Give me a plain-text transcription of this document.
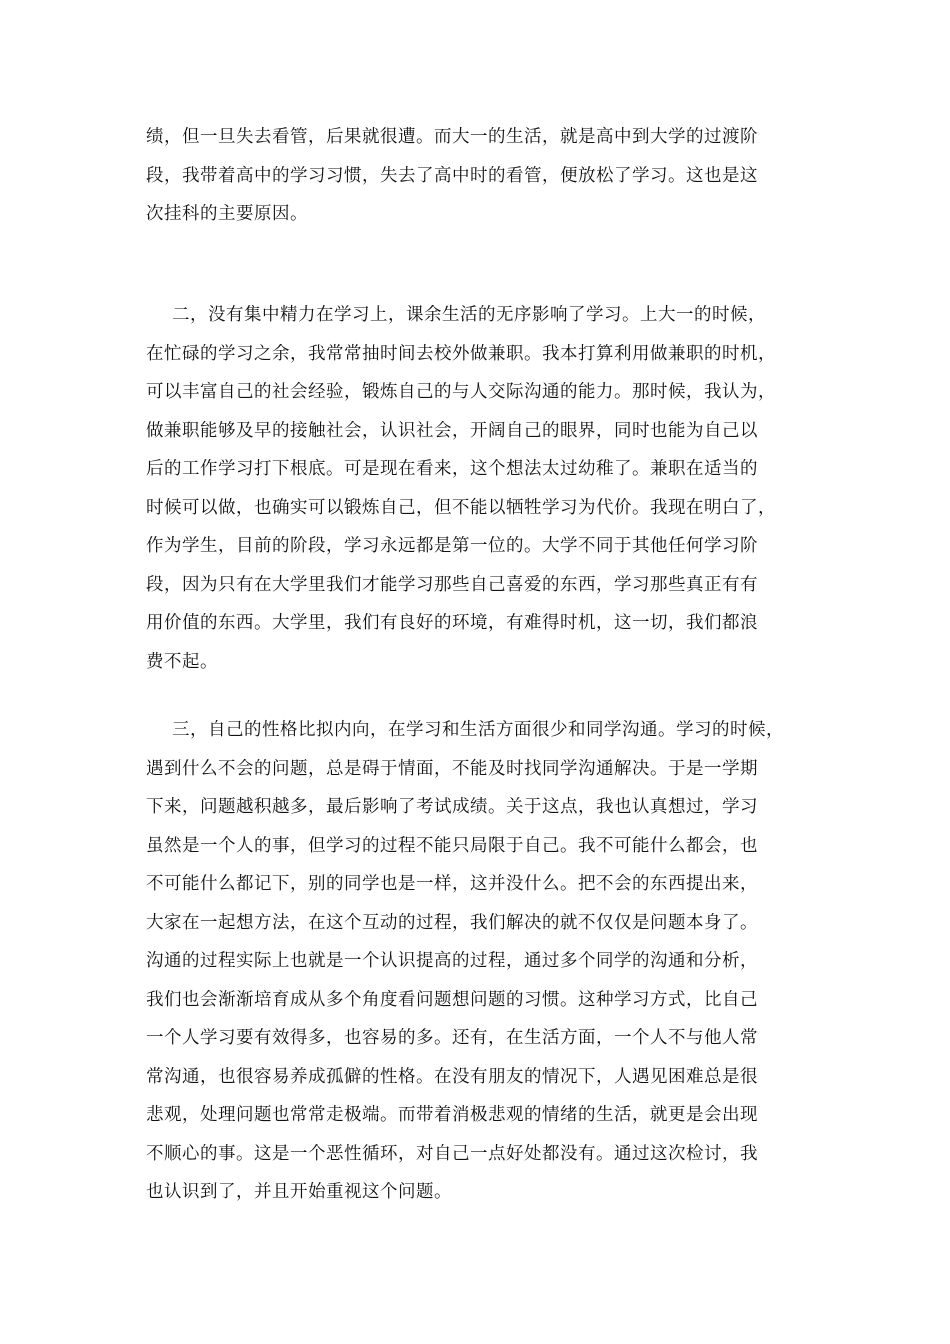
绩，但一旦失去看管，后果就很遭。而大一的生活，就是高中到大学的过渡阶
段，我带着高中的学习习惯，失去了高中时的看管，便放松了学习。这也是这
次挂科的主要原因。
二，没有集中精力在学习上，课余生活的无序影响了学习。上大一的时候，
在忙碌的学习之余，我常常抽时间去校外做兼职。我本打算利用做兼职的时机，
可以丰富自己的社会经验，锻炼自己的与人交际沟通的能力。那时候，我认为，
做兼职能够及早的接触社会，认识社会，开阔自己的眼界，同时也能为自己以
后的工作学习打下根底。可是现在看来，这个想法太过幼稚了。兼职在适当的
时候可以做，也确实可以锻炼自己，但不能以牺牲学习为代价。我现在明白了，
作为学生，目前的阶段，学习永远都是第一位的。大学不同于其他任何学习阶
段，因为只有在大学里我们才能学习那些自己喜爱的东西，学习那些真正有有
用价值的东西。大学里，我们有良好的环境，有难得时机，这一切，我们都浪
费不起。
三，自己的性格比拟内向，在学习和生活方面很少和同学沟通。学习的时候，
遇到什么不会的问题，总是碍于情面，不能及时找同学沟通解决。于是一学期
下来，问题越积越多，最后影响了考试成绩。关于这点，我也认真想过，学习
虽然是一个人的事，但学习的过程不能只局限于自己。我不可能什么都会，也
不可能什么都记下，别的同学也是一样，这并没什么。把不会的东西提出来，
大家在一起想方法，在这个互动的过程，我们解决的就不仅仅是问题本身了。
沟通的过程实际上也就是一个认识提高的过程，通过多个同学的沟通和分析，
我们也会渐渐培育成从多个角度看问题想问题的习惯。这种学习方式，比自己
一个人学习要有效得多，也容易的多。还有，在生活方面，一个人不与他人常
常沟通，也很容易养成孤僻的性格。在没有朋友的情况下，人遇见困难总是很
悲观，处理问题也常常走极端。而带着消极悲观的情绪的生活，就更是会出现
不顺心的事。这是一个恶性循环，对自己一点好处都没有。通过这次检讨，我
也认识到了，并且开始重视这个问题。
